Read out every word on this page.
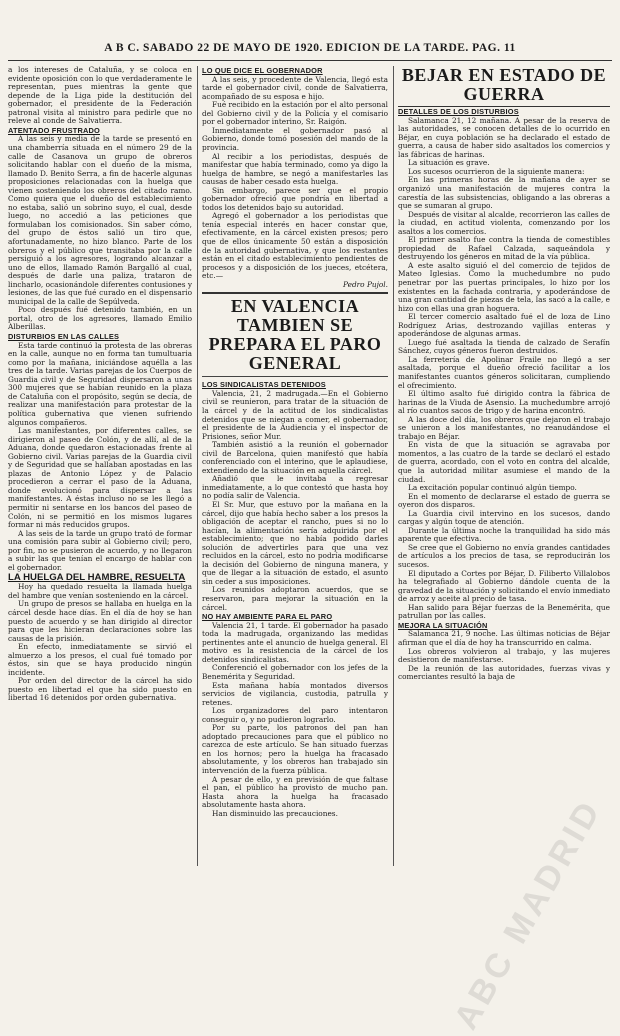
A B C. SABADO 22 DE MAYO DE 1920. EDICION DE LA TARDE. PAG. 11

a los intereses de Cataluña, y se coloca en evidente oposición con lo que verdaderamente le representan, pues mientras la gente que depende de la Liga pide la destitución del gobernador, el presidente de la Federación patronal visita al ministro para pedirle que no releve al conde de Salvatierra.

ATENTADO FRUSTRADO

A las seis y media de la tarde se presentó en una chamberría situada en el número 29 de la calle de Casanova un grupo de obreros solicitando hablar con el dueño de la misma, llamado D. Benito Serra, a fin de hacerle algunas proposiciones relacionadas con la huelga que vienen sosteniendo los obreros del citado ramo. Como quiera que el dueño del establecimiento no estaba, salió un sobrino suyo, el cual, desde luego, no accedió a las peticiones que formulaban los comisionados. Sin saber cómo, del grupo de éstos salió un tiro que, afortunadamente, no hizo blanco. Parte de los obreros y el público que transitaba por la calle persiguió a los agresores, logrando alcanzar a uno de ellos, llamado Ramón Bargalló al cual, después de darle una paliza, trataron de lincharlo, ocasionándole diferentes contusiones y lesiones, de las que fué curado en el dispensario municipal de la calle de Sepúlveda.

Poco después fué detenido también, en un portal, otro de los agresores, llamado Emilio Alberillas.

DISTURBIOS EN LAS CALLES

Esta tarde continuó la protesta de las obreras en la calle, aunque no en forma tan tumultuaria como por la mañana, iniciándose aquélla a las tres de la tarde. Varias parejas de los Cuerpos de Guardia civil y de Seguridad dispersaron a unas 300 mujeres que se habían reunido en la plaza de Cataluña con el propósito, según se decía, de realizar una manifestación para protestar de la política gubernativa que vienen sufriendo algunos compañeros.

Las manifestantes, por diferentes calles, se dirigieron al paseo de Colón, y de allí, al de la Aduana, donde quedaron estacionadas frente al Gobierno civil. Varias parejas de la Guardia civil y de Seguridad que se hallaban apostadas en las plazas de Antonio López y de Palacio procedieron a cerrar el paso de la Aduana, donde evolucionó para dispersar a las manifestantes. A éstas incluso no se les llegó a permitir ni sentarse en los bancos del paseo de Colón, ni se permitió en los mismos lugares formar ni más reducidos grupos.

A las seis de la tarde un grupo trató de formar una comisión para subir al Gobierno civil; pero, por fin, no se pusieron de acuerdo, y no llegaron a subir las que tenían el encargo de hablar con el gobernador.

LA HUELGA DEL HAMBRE, RESUELTA

Hoy ha quedado resuelta la llamada huelga del hambre que venían sosteniendo en la cárcel.

Un grupo de presos se hallaba en huelga en la cárcel desde hace días. En el día de hoy se han puesto de acuerdo y se han dirigido al director para que les hicieran declaraciones sobre las causas de la prisión.

En efecto, inmediatamente se sirvió el almuerzo a los presos, el cual fué tomado por éstos, sin que se haya producido ningún incidente.

Por orden del director de la cárcel ha sido puesto en libertad el que ha sido puesto en libertad 16 detenidos por orden gubernativa.

LO QUE DICE EL GOBERNADOR

A las seis, y procedente de Valencia, llegó esta tarde el gobernador civil, conde de Salvatierra, acompañado de su esposa e hijo.

Fué recibido en la estación por el alto personal del Gobierno civil y de la Policía y el comisario por el gobernador interino, Sr. Raigón.

Inmediatamente el gobernador pasó al Gobierno, donde tomó posesión del mando de la provincia.

Al recibir a los periodistas, después de manifestar que había terminado, como ya digo la huelga de hambre, se negó a manifestarles las causas de haber cesado esta huelga.

Sin embargo, parece ser que el propio gobernador ofreció que pondría en libertad a todos los detenidos bajo su autoridad.

Agregó el gobernador a los periodistas que tenía especial interés en hacer constar que, efectivamente, en la cárcel existen presos; pero que de ellos únicamente 50 están a disposición de la autoridad gubernativa, y que los restantes están en el citado establecimiento pendientes de procesos y a disposición de los jueces, etcétera, etc.—

Pedro Pujol.

EN VALENCIA TAMBIEN SE PREPARA EL PARO GENERAL
LOS SINDICALISTAS DETENIDOS

Valencia, 21, 2 madrugada.—En el Gobierno civil se reunieron, para tratar de la situación de la cárcel y de la actitud de los sindicalistas detenidos que se niegan a comer, el gobernador, el presidente de la Audiencia y el inspector de Prisiones, señor Mur.

También asistió a la reunión el gobernador civil de Barcelona, quien manifestó que había conferenciado con el interino, que le aplaudiese, extendiendo de la situación en aquella cárcel.

Añadió que le invitaba a regresar inmediatamente, a lo que contestó que hasta hoy no podía salir de Valencia.

El Sr. Mur, que estuvo por la mañana en la cárcel, dijo que había hecho saber a los presos la obligación de aceptar el rancho, pues si no lo hacían, la alimentación sería adquirida por el establecimiento; que no había podido darles solución de advertirles para que una vez recluidos en la cárcel, esto no podría modificarse la decisión del Gobierno de ninguna manera, y que de llegar a la situación de estado, el asunto sin ceder a sus imposiciones.

Los reunidos adoptaron acuerdos, que se reservaron, para mejorar la situación en la cárcel.

NO HAY AMBIENTE PARA EL PARO

Valencia 21, 1 tarde. El gobernador ha pasado toda la madrugada, organizando las medidas pertinentes ante el anuncio de huelga general. El motivo es la resistencia de la cárcel de los detenidos sindicalistas.

Conferenció el gobernador con los jefes de la Benemérita y Seguridad.

Esta mañana había montados diversos servicios de vigilancia, custodia, patrulla y retenes.

Los organizadores del paro intentaron conseguir o, y no pudieron lograrlo.

Por su parte, los patronos del pan han adoptado precauciones para que el público no carezca de este artículo. Se han situado fuerzas en los hornos; pero la huelga ha fracasado absolutamente, y los obreros han trabajado sin intervención de la fuerza pública.

A pesar de ello, y en previsión de que faltase el pan, el público ha provisto de mucho pan. Hasta ahora la huelga ha fracasado absolutamente hasta ahora.

Han disminuido las precauciones.

BEJAR EN ESTADO DE GUERRA
DETALLES DE LOS DISTURBIOS

Salamanca 21, 12 mañana. A pesar de la reserva de las autoridades, se conocen detalles de lo ocurrido en Béjar, en cuya población se ha declarado el estado de guerra, a causa de haber sido asaltados los comercios y las fábricas de harinas.

La situación es grave.

Los sucesos ocurrieron de la siguiente manera:

En las primeras horas de la mañana de ayer se organizó una manifestación de mujeres contra la carestía de las subsistencias, obligando a las obreras a que se sumaran al grupo.

Después de visitar al alcalde, recorrieron las calles de la ciudad, en actitud violenta, comenzando por los asaltos a los comercios.

El primer asalto fue contra la tienda de comestibles propiedad de Rafael Calzada, saqueándola y destruyendo los géneros en mitad de la vía pública.

A este asalto siguió el del comercio de tejidos de Mateo Iglesias. Como la muchedumbre no pudo penetrar por las puertas principales, lo hizo por los existentes en la fachada contraria, y apoderándose de una gran cantidad de piezas de tela, las sacó a la calle, e hizo con ellas una gran hoguera.

El tercer comercio asaltado fué el de loza de Lino Rodríguez Arias, destrozando vajillas enteras y apoderándose de algunas armas.

Luego fué asaltada la tienda de calzado de Serafín Sánchez, cuyos géneros fueron destruidos.

La ferretería de Apolinar Fraile no llegó a ser asaltada, porque el dueño ofreció facilitar a los manifestantes cuantos géneros solicitaran, cumpliendo el ofrecimiento.

El último asalto fué dirigido contra la fábrica de harinas de la Viuda de Asensio. La muchedumbre arrojó al río cuantos sacos de trigo y de harina encontró.

A las doce del día, los obreros que dejaron el trabajo se unieron a los manifestantes, no reanudándose el trabajo en Béjar.

En vista de que la situación se agravaba por momentos, a las cuatro de la tarde se declaró el estado de guerra, acordado, con el voto en contra del alcalde, que la autoridad militar asumiese el mando de la ciudad.

La excitación popular continuó algún tiempo.

En el momento de declararse el estado de guerra se oyeron dos disparos.

La Guardia civil intervino en los sucesos, dando cargas y algún toque de atención.

Durante la última noche la tranquilidad ha sido más aparente que efectiva.

Se cree que el Gobierno no envía grandes cantidades de artículos a los precios de tasa, se reproducirán los sucesos.

El diputado a Cortes por Béjar, D. Filiberto Villalobos ha telegrafiado al Gobierno dándole cuenta de la gravedad de la situación y solicitando el envío inmediato de arroz y aceite al precio de tasa.

Han salido para Béjar fuerzas de la Benemérita, que patrullan por las calles.

MEJORA LA SITUACIÓN

Salamanca 21, 9 noche. Las últimas noticias de Béjar afirman que el día de hoy ha transcurrido en calma.

Los obreros volvieron al trabajo, y las mujeres desistieron de manifestarse.

De la reunión de las autoridades, fuerzas vivas y comerciantes resultó la baja de

ABC MADRID
